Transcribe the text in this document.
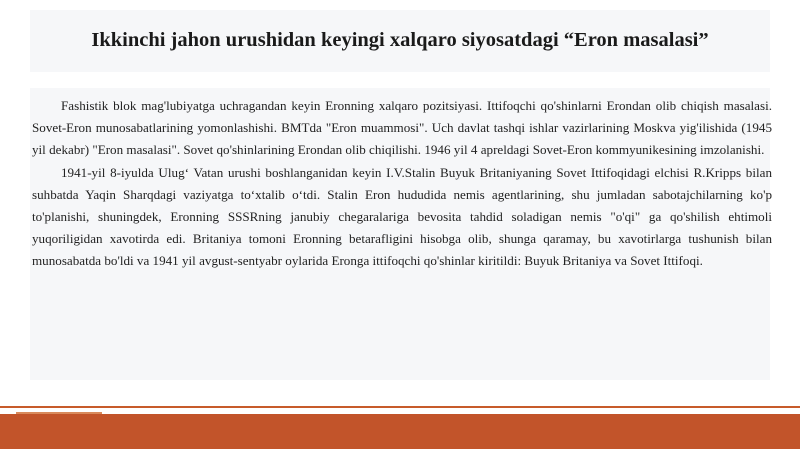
Ikkinchi jahon urushidan keyingi xalqaro siyosatdagi “Eron masalasi”

Fashistik blok mag'lubiyatga uchragandan keyin Eronning xalqaro pozitsiyasi. Ittifoqchi qo'shinlarni Erondan olib chiqish masalasi. Sovet-Eron munosabatlarining yomonlashishi. BMTda "Eron muammosi". Uch davlat tashqi ishlar vazirlarining Moskva yig'ilishida (1945 yil dekabr) "Eron masalasi". Sovet qo'shinlarining Erondan olib chiqilishi. 1946 yil 4 apreldagi Sovet-Eron kommyunikesining imzolanishi.

1941-yil 8-iyulda Ulug‘ Vatan urushi boshlanganidan keyin I.V.Stalin Buyuk Britaniyaning Sovet Ittifoqidagi elchisi R.Kripps bilan suhbatda Yaqin Sharqdagi vaziyatga to‘xtalib o‘tdi. Stalin Eron hududida nemis agentlarining, shu jumladan sabotajchilarning ko'p to'planishi, shuningdek, Eronning SSSRning janubiy chegaralariga bevosita tahdid soladigan nemis "o'qi" ga qo'shilish ehtimoli yuqoriligidan xavotirda edi. Britaniya tomoni Eronning betarafligini hisobga olib, shunga qaramay, bu xavotirlarga tushunish bilan munosabatda bo'ldi va 1941 yil avgust-sentyabr oylarida Eronga ittifoqchi qo'shinlar kiritildi: Buyuk Britaniya va Sovet Ittifoqi.
